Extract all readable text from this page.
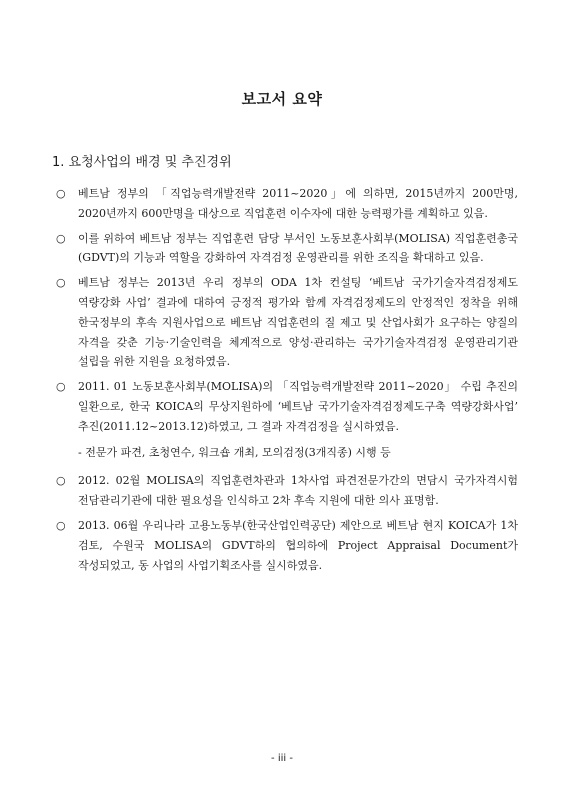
보고서 요약
1. 요청사업의 배경 및 추진경위
○ 베트남 정부의 「직업능력개발전략 2011~2020」에 의하면, 2015년까지 200만명, 2020년까지 600만명을 대상으로 직업훈련 이수자에 대한 능력평가를 계획하고 있음.
○ 이를 위하여 베트남 정부는 직업훈련 담당 부서인 노동보훈사회부(MOLISA) 직업훈련총국(GDVT)의 기능과 역할을 강화하여 자격검정 운영관리를 위한 조직을 확대하고 있음.
○ 베트남 정부는 2013년 우리 정부의 ODA 1차 컨설팅 ‘베트남 국가기술자격검정제도 역량강화 사업’ 결과에 대하여 긍정적 평가와 함께 자격검정제도의 안정적인 정착을 위해 한국정부의 후속 지원사업으로 베트남 직업훈련의 질 제고 및 산업사회가 요구하는 양질의 자격을 갖춘 기능·기술인력을 체계적으로 양성·관리하는 국가기술자격검정 운영관리기관 설립을 위한 지원을 요청하였음.
○ 2011. 01 노동보훈사회부(MOLISA)의 「직업능력개발전략 2011~2020」 수립 추진의 일환으로, 한국 KOICA의 무상지원하에 ‘베트남 국가기술자격검정제도구축 역량강화사업’ 추진(2011.12~2013.12)하였고, 그 결과 자격검정을 실시하였음.
- 전문가 파견, 초청연수, 워크숍 개최, 모의검정(3개직종) 시행 등
○ 2012. 02월 MOLISA의 직업훈련차관과 1차사업 파견전문가간의 면담시 국가자격시험 전담관리기관에 대한 필요성을 인식하고 2차 후속 지원에 대한 의사 표명함.
○ 2013. 06월 우리나라 고용노동부(한국산업인력공단) 제안으로 베트남 현지 KOICA가 1차 검토, 수원국 MOLISA의 GDVT하의 협의하에 Project Appraisal Document가 작성되었고, 동 사업의 사업기획조사를 실시하였음.
- iii -
